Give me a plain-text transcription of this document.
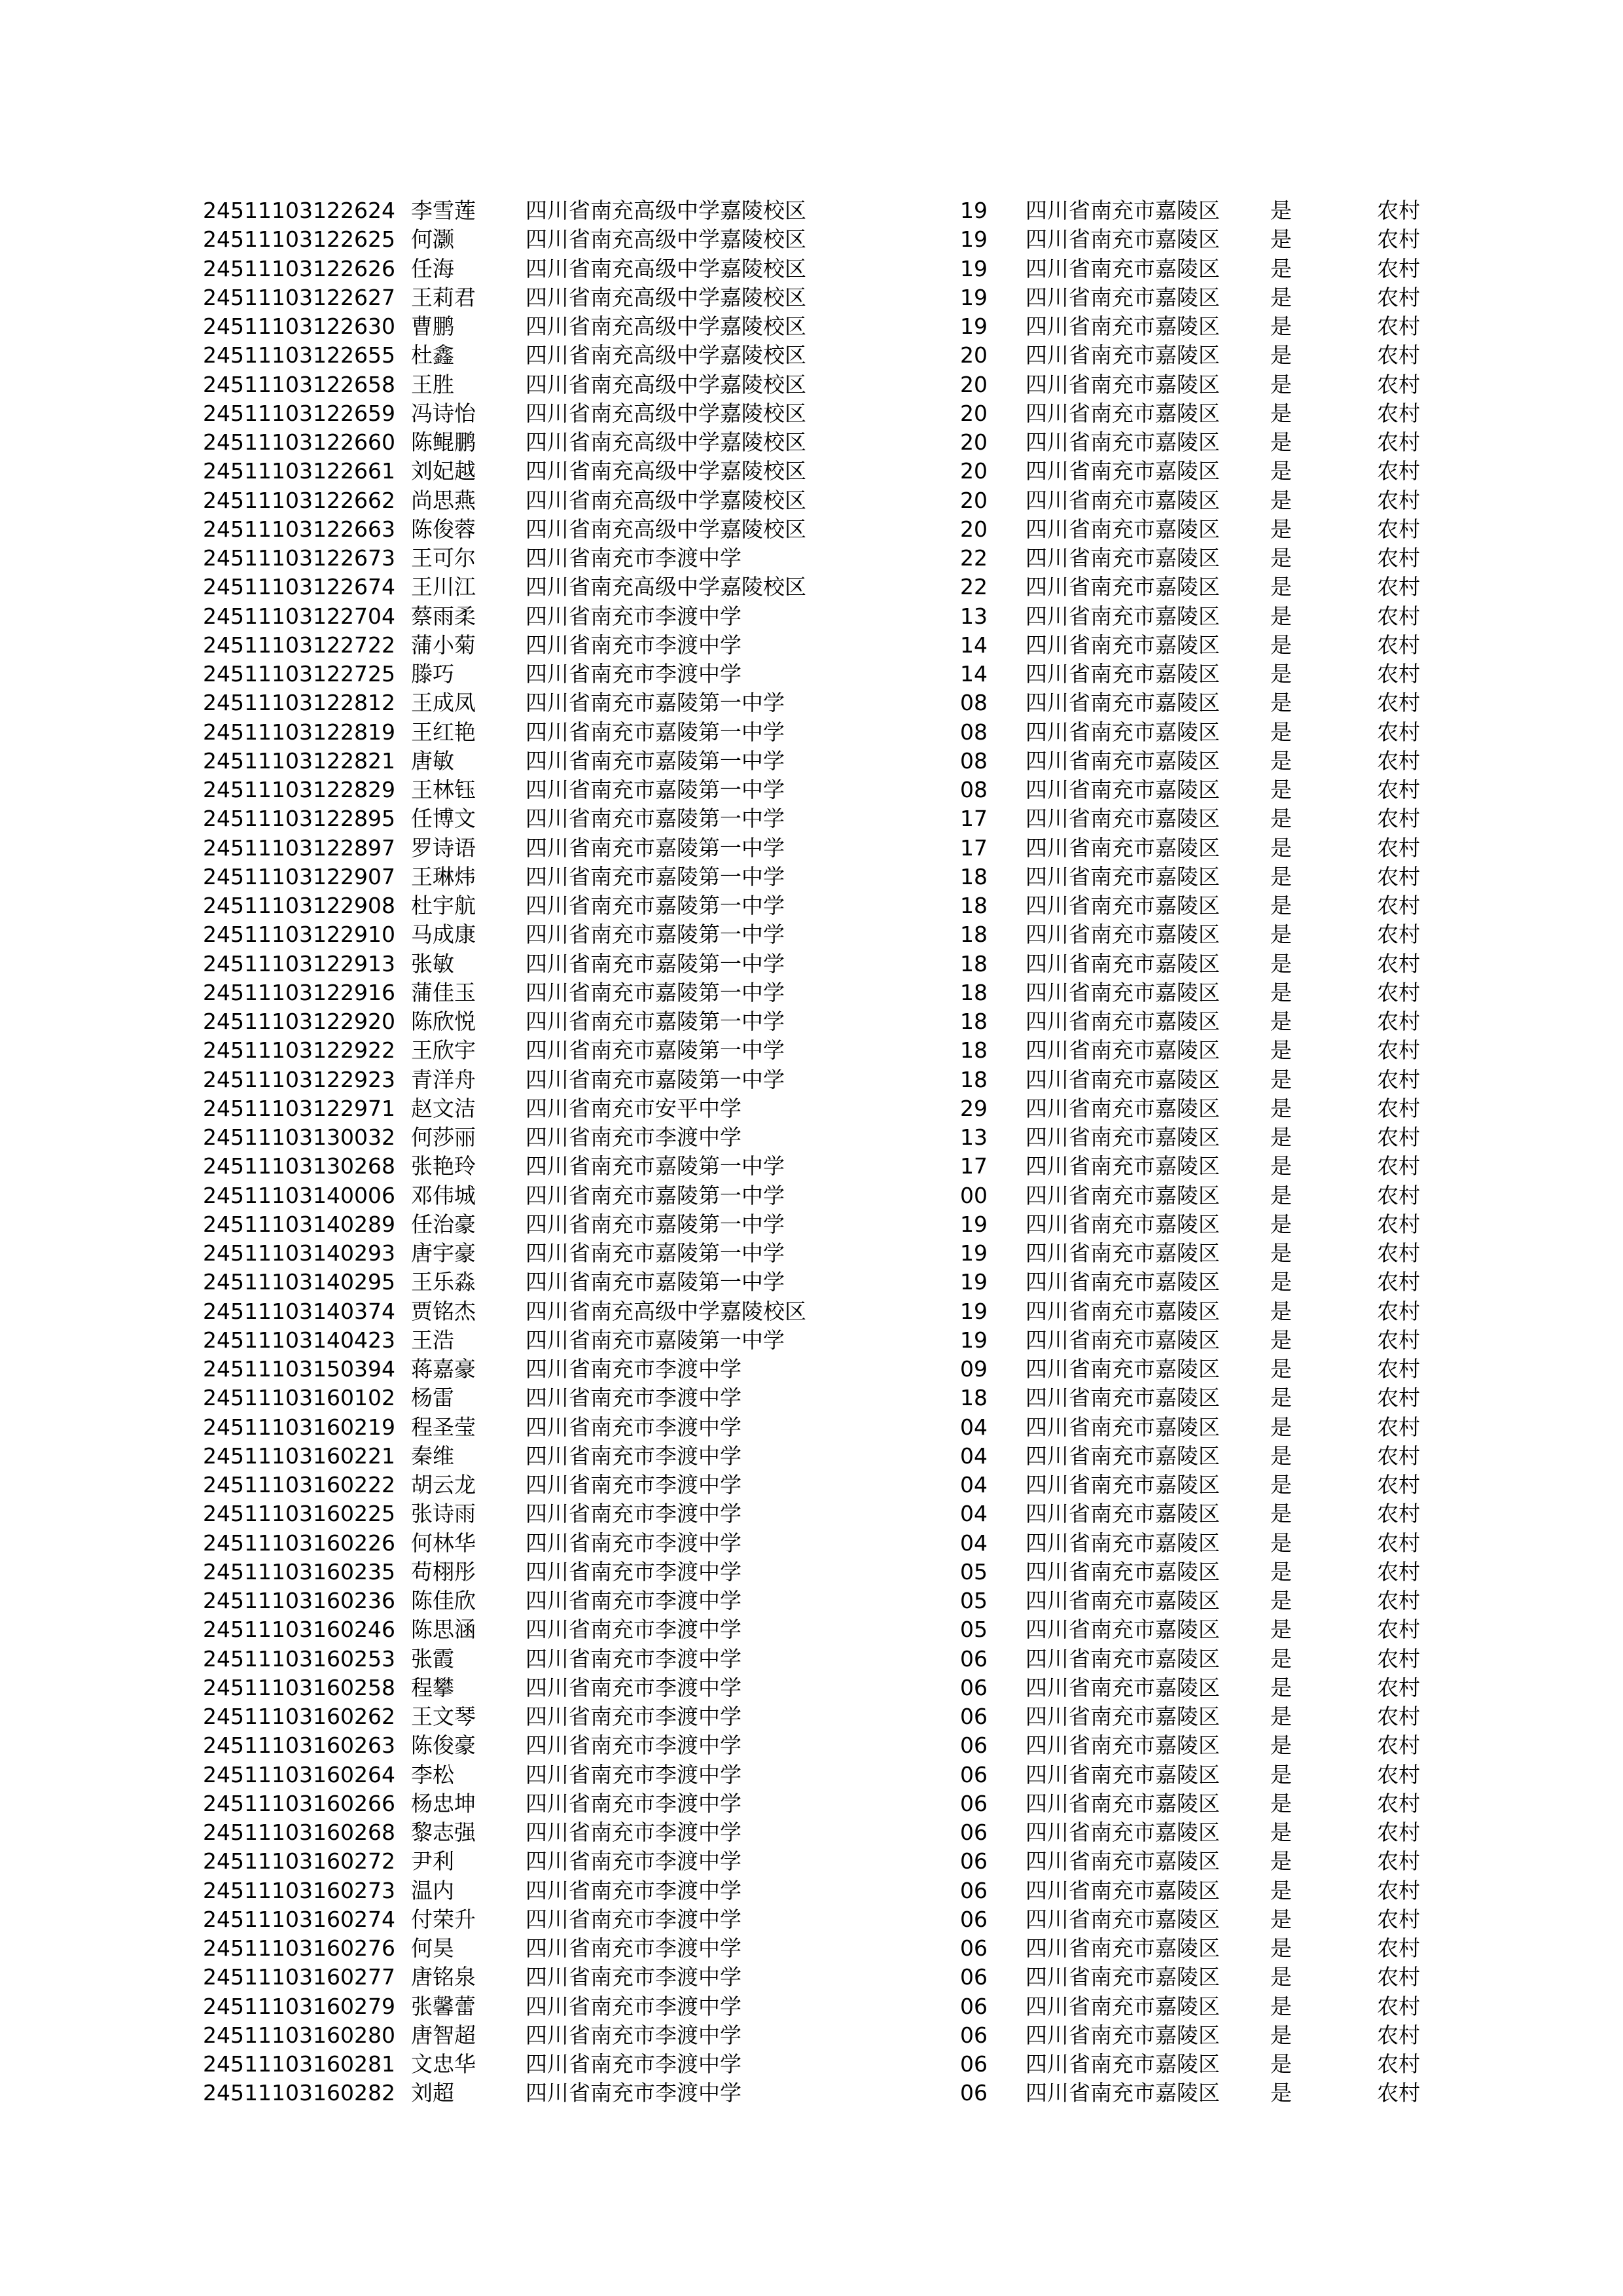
24511103122624 李雪莲 四川省南充高级中学嘉陵校区	19 四川省南充市嘉陵区 是	农村
24511103122625 何灏	四川省南充高级中学嘉陵校区	19 四川省南充市嘉陵区 是	农村
24511103122626 任海	四川省南充高级中学嘉陵校区	19 四川省南充市嘉陵区 是	农村
24511103122627 王莉君 四川省南充高级中学嘉陵校区	19 四川省南充市嘉陵区 是	农村
24511103122630 曹鹏	四川省南充高级中学嘉陵校区	19 四川省南充市嘉陵区 是	农村
24511103122655 杜鑫	四川省南充高级中学嘉陵校区	20 四川省南充市嘉陵区 是	农村
24511103122658 王胜	四川省南充高级中学嘉陵校区	20 四川省南充市嘉陵区 是	农村
24511103122659 冯诗怡 四川省南充高级中学嘉陵校区	20 四川省南充市嘉陵区 是	农村
24511103122660 陈鲲鹏 四川省南充高级中学嘉陵校区	20 四川省南充市嘉陵区 是	农村
24511103122661 刘妃越 四川省南充高级中学嘉陵校区	20 四川省南充市嘉陵区 是	农村
24511103122662 尚思燕 四川省南充高级中学嘉陵校区	20 四川省南充市嘉陵区 是	农村
24511103122663 陈俊蓉 四川省南充高级中学嘉陵校区	20 四川省南充市嘉陵区 是	农村
24511103122673 王可尔 四川省南充市李渡中学	22 四川省南充市嘉陵区 是	农村
24511103122674 王川江 四川省南充高级中学嘉陵校区	22 四川省南充市嘉陵区 是	农村
24511103122704 蔡雨柔 四川省南充市李渡中学	13 四川省南充市嘉陵区 是	农村
24511103122722 蒲小菊 四川省南充市李渡中学	14 四川省南充市嘉陵区 是	农村
24511103122725 滕巧	四川省南充市李渡中学	14 四川省南充市嘉陵区 是	农村
24511103122812 王成凤 四川省南充市嘉陵第一中学	08 四川省南充市嘉陵区 是	农村
24511103122819 王红艳 四川省南充市嘉陵第一中学	08 四川省南充市嘉陵区 是	农村
24511103122821 唐敏	四川省南充市嘉陵第一中学	08 四川省南充市嘉陵区 是	农村
24511103122829 王林钰 四川省南充市嘉陵第一中学	08 四川省南充市嘉陵区 是	农村
24511103122895 任博文 四川省南充市嘉陵第一中学	17 四川省南充市嘉陵区 是	农村
24511103122897 罗诗语 四川省南充市嘉陵第一中学	17 四川省南充市嘉陵区 是	农村
24511103122907 王琳炜 四川省南充市嘉陵第一中学	18 四川省南充市嘉陵区 是	农村
24511103122908 杜宇航 四川省南充市嘉陵第一中学	18 四川省南充市嘉陵区 是	农村
24511103122910 马成康 四川省南充市嘉陵第一中学	18 四川省南充市嘉陵区 是	农村
24511103122913 张敏	四川省南充市嘉陵第一中学	18 四川省南充市嘉陵区 是	农村
24511103122916 蒲佳玉 四川省南充市嘉陵第一中学	18 四川省南充市嘉陵区 是	农村
24511103122920 陈欣悦 四川省南充市嘉陵第一中学	18 四川省南充市嘉陵区 是	农村
24511103122922 王欣宇 四川省南充市嘉陵第一中学	18 四川省南充市嘉陵区 是	农村
24511103122923 青洋舟 四川省南充市嘉陵第一中学	18 四川省南充市嘉陵区 是	农村
24511103122971 赵文洁 四川省南充市安平中学	29 四川省南充市嘉陵区 是	农村
24511103130032 何莎丽 四川省南充市李渡中学	13 四川省南充市嘉陵区 是	农村
24511103130268 张艳玲 四川省南充市嘉陵第一中学	17 四川省南充市嘉陵区 是	农村
24511103140006 邓伟城 四川省南充市嘉陵第一中学	00 四川省南充市嘉陵区 是	农村
24511103140289 任治豪 四川省南充市嘉陵第一中学	19 四川省南充市嘉陵区 是	农村
24511103140293 唐宇豪 四川省南充市嘉陵第一中学	19 四川省南充市嘉陵区 是	农村
24511103140295 王乐淼 四川省南充市嘉陵第一中学	19 四川省南充市嘉陵区 是	农村
24511103140374 贾铭杰 四川省南充高级中学嘉陵校区	19 四川省南充市嘉陵区 是	农村
24511103140423 王浩	四川省南充市嘉陵第一中学	19 四川省南充市嘉陵区 是	农村
24511103150394 蒋嘉豪 四川省南充市李渡中学	09 四川省南充市嘉陵区 是	农村
24511103160102 杨雷	四川省南充市李渡中学	18 四川省南充市嘉陵区 是	农村
24511103160219 程圣莹 四川省南充市李渡中学	04 四川省南充市嘉陵区 是	农村
24511103160221 秦维	四川省南充市李渡中学	04 四川省南充市嘉陵区 是	农村
24511103160222 胡云龙 四川省南充市李渡中学	04 四川省南充市嘉陵区 是	农村
24511103160225 张诗雨 四川省南充市李渡中学	04 四川省南充市嘉陵区 是	农村
24511103160226 何林华 四川省南充市李渡中学	04 四川省南充市嘉陵区 是	农村
24511103160235 苟栩彤 四川省南充市李渡中学	05 四川省南充市嘉陵区 是	农村
24511103160236 陈佳欣 四川省南充市李渡中学	05 四川省南充市嘉陵区 是	农村
24511103160246 陈思涵 四川省南充市李渡中学	05 四川省南充市嘉陵区 是	农村
24511103160253 张霞	四川省南充市李渡中学	06 四川省南充市嘉陵区 是	农村
24511103160258 程攀	四川省南充市李渡中学	06 四川省南充市嘉陵区 是	农村
24511103160262 王文琴 四川省南充市李渡中学	06 四川省南充市嘉陵区 是	农村
24511103160263 陈俊豪 四川省南充市李渡中学	06 四川省南充市嘉陵区 是	农村
24511103160264 李松	四川省南充市李渡中学	06 四川省南充市嘉陵区 是	农村
24511103160266 杨忠坤 四川省南充市李渡中学	06 四川省南充市嘉陵区 是	农村
24511103160268 黎志强 四川省南充市李渡中学	06 四川省南充市嘉陵区 是	农村
24511103160272 尹利	四川省南充市李渡中学	06 四川省南充市嘉陵区 是	农村
24511103160273 温内	四川省南充市李渡中学	06 四川省南充市嘉陵区 是	农村
24511103160274 付荣升 四川省南充市李渡中学	06 四川省南充市嘉陵区 是	农村
24511103160276 何昊	四川省南充市李渡中学	06 四川省南充市嘉陵区 是	农村
24511103160277 唐铭泉 四川省南充市李渡中学	06 四川省南充市嘉陵区 是	农村
24511103160279 张馨蕾 四川省南充市李渡中学	06 四川省南充市嘉陵区 是	农村
24511103160280 唐智超 四川省南充市李渡中学	06 四川省南充市嘉陵区 是	农村
24511103160281 文忠华 四川省南充市李渡中学	06 四川省南充市嘉陵区 是	农村
24511103160282 刘超	四川省南充市李渡中学	06 四川省南充市嘉陵区 是	农村
